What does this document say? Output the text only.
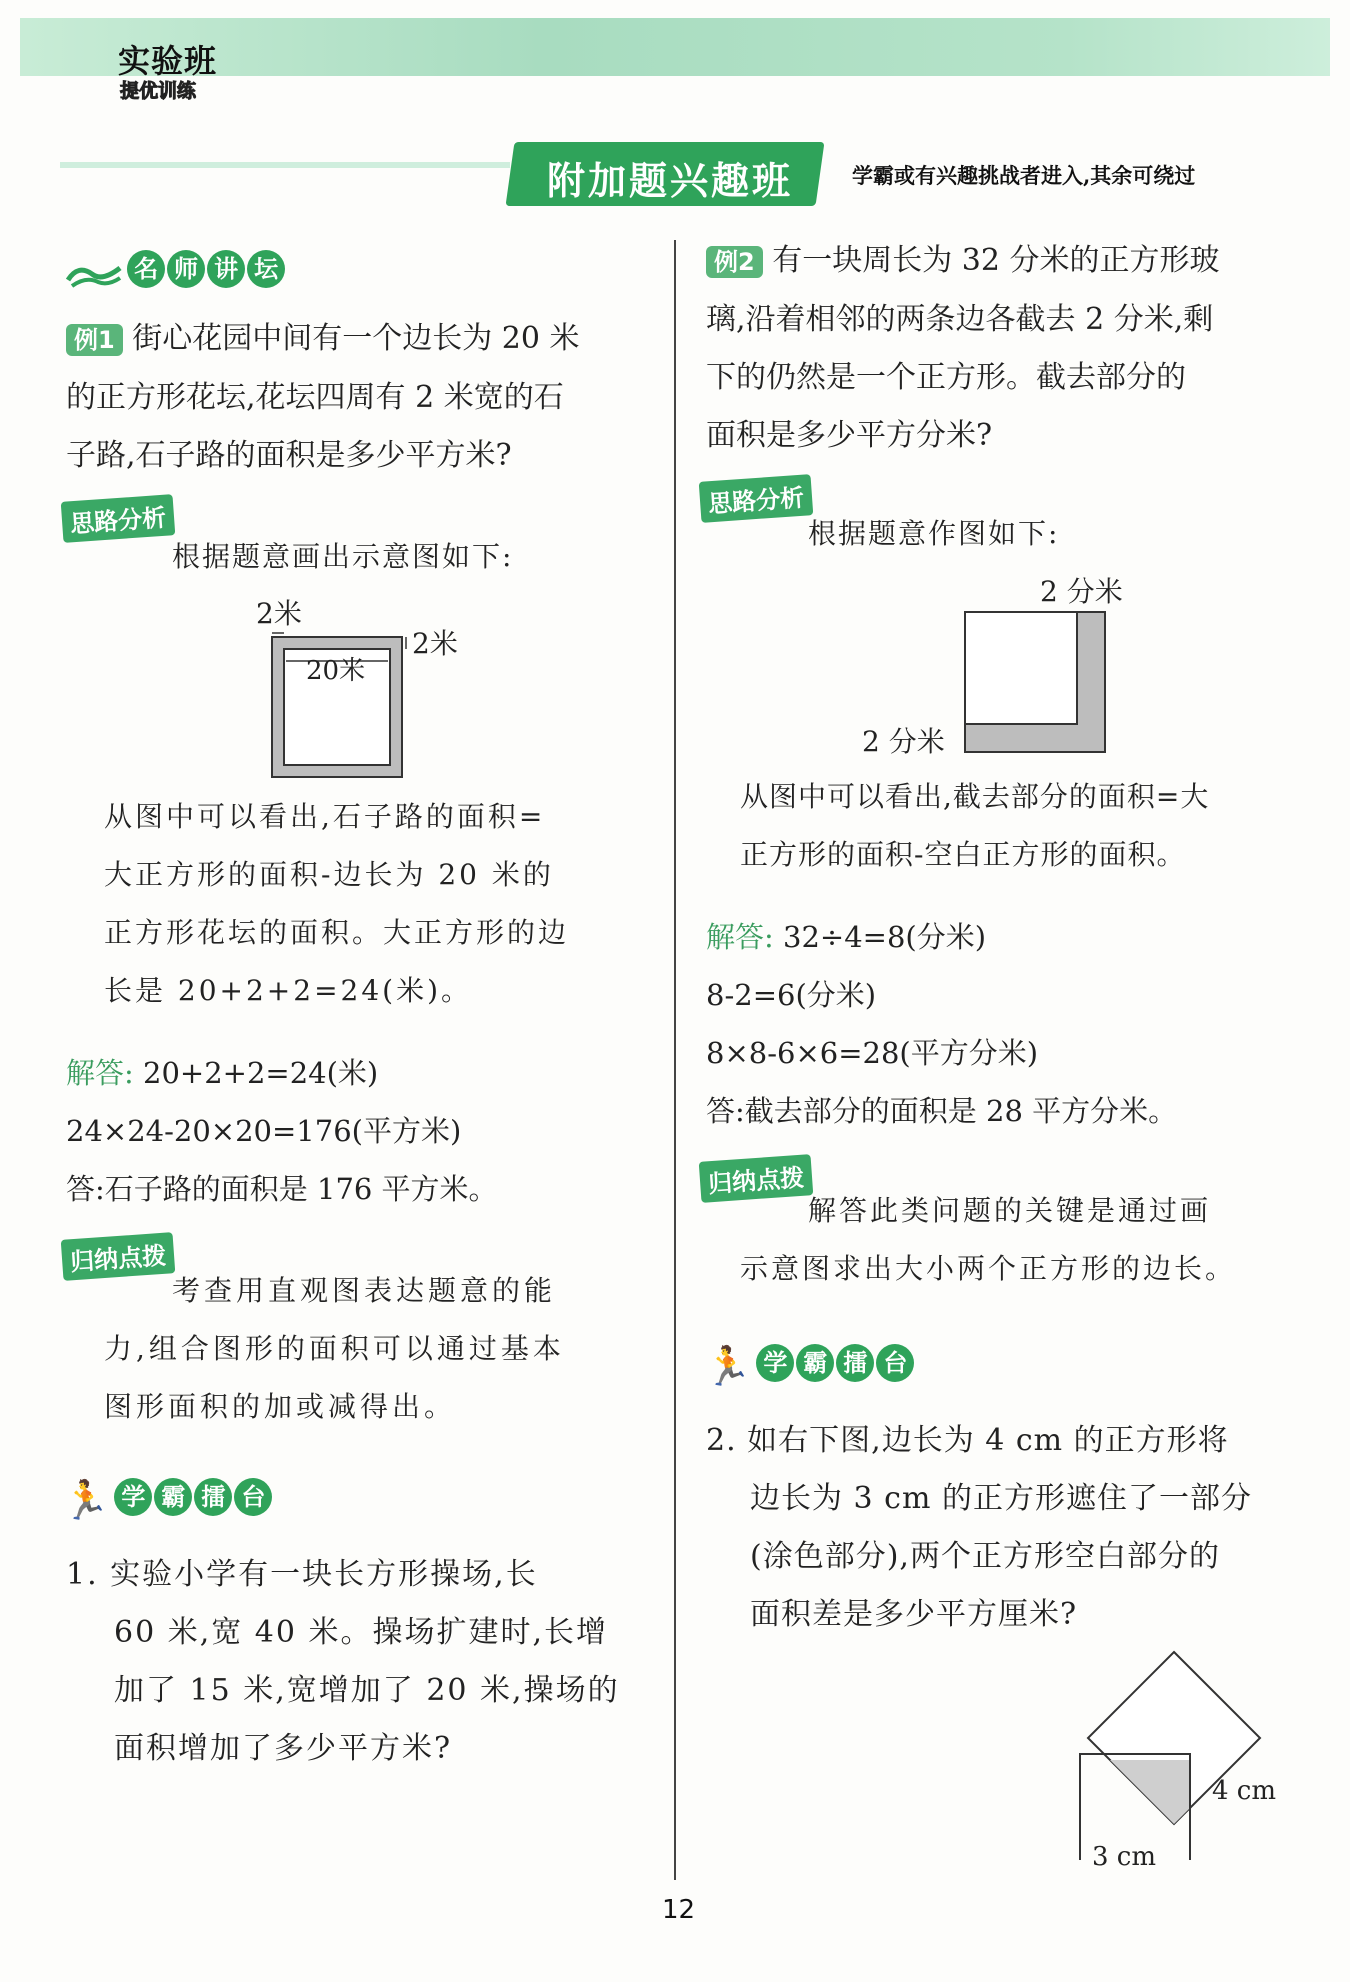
实验班
提优训练
附加题兴趣班	学霸或有兴趣挑战者进入,其余可绕过
名 师 讲 坛
例1 街心花园中间有一个边长为 20 米
的正方形花坛,花坛四周有 2 米宽的石
子路,石子路的面积是多少平方米?
思路分析
根据题意画出示意图如下:
2米
2米
20米
从图中可以看出,石子路的面积=
大正方形的面积-边长为 20 米的
正方形花坛的面积。大正方形的边
长是 20+2+2=24(米)。
解答: 20+2+2=24(米)
24×24-20×20=176(平方米)
答:石子路的面积是 176 平方米。
归纳点拨
考查用直观图表达题意的能
力,组合图形的面积可以通过基本
图形面积的加或减得出。
🏃 学 霸 擂 台
1. 实验小学有一块长方形操场,长
60 米,宽 40 米。操场扩建时,长增
加了 15 米,宽增加了 20 米,操场的
面积增加了多少平方米?
例2 有一块周长为 32 分米的正方形玻
璃,沿着相邻的两条边各截去 2 分米,剩
下的仍然是一个正方形。截去部分的
面积是多少平方分米?
思路分析
根据题意作图如下:
2 分米
2 分米
从图中可以看出,截去部分的面积=大
正方形的面积-空白正方形的面积。
解答: 32÷4=8(分米)
8-2=6(分米)
8×8-6×6=28(平方分米)
答:截去部分的面积是 28 平方分米。
归纳点拨
解答此类问题的关键是通过画
示意图求出大小两个正方形的边长。
🏃 学 霸 擂 台
2. 如右下图,边长为 4 cm 的正方形将
边长为 3 cm 的正方形遮住了一部分
(涂色部分),两个正方形空白部分的
面积差是多少平方厘米?
4 cm
3 cm
12
